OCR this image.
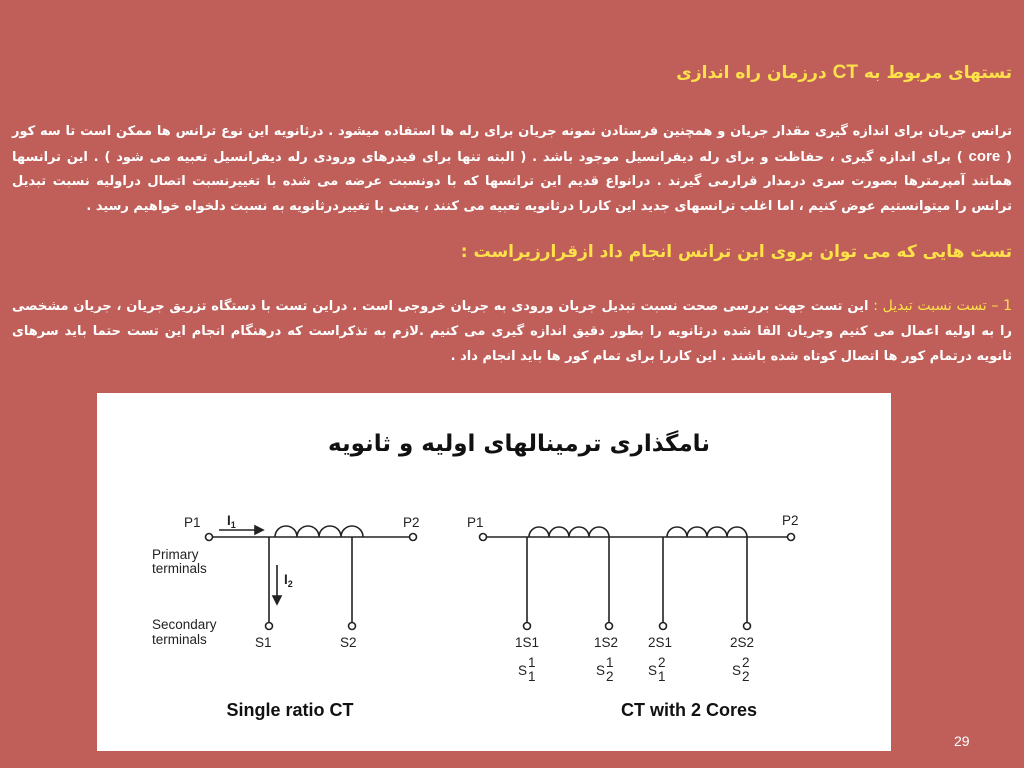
تستهای مربوط به CT درزمان راه اندازی
ترانس جریان برای اندازه گیری مقدار جریان و همچنین فرستادن نمونه جریان برای رله ها استفاده میشود . درثانویه این نوع ترانس ها ممکن است تا سه کور ( core ) برای اندازه گیری ، حفاظت و برای رله دیفرانسیل موجود باشد . ( البته تنها برای فیدرهای ورودی رله دیفرانسیل تعبیه می شود ) . این ترانسها همانند آمپرمترها بصورت سری درمدار قرارمی گیرند . درانواع قدیم این ترانسها که با دونسبت عرضه می شده با تغییرنسبت اتصال دراولیه نسبت تبدیل ترانس را میتوانستیم عوض کنیم ، اما اغلب ترانسهای جدید این کاررا درثانویه تعبیه می کنند ، یعنی با تغییردرثانویه به نسبت دلخواه خواهیم رسید .
تست هایی که می توان بروی این ترانس انجام داد ازقرارزیراست :
1 – تست نسبت تبدیل : این تست جهت بررسی صحت نسبت تبدیل جریان ورودی به جریان خروجی است . دراین تست با دستگاه تزریق جریان ، جریان مشخصی را به اولیه اعمال می کنیم وجریان القا شده درثانویه را بطور دقیق اندازه گیری می کنیم .لازم به تذکراست که درهنگام انجام این تست حتما باید سرهای ثانویه درتمام کور ها اتصال کوتاه شده باشند . این کاررا برای تمام کور ها باید انجام داد .
نامگذاری ترمینالهای اولیه و ثانویه
P1	P2
$I_1$
$I_2$
Primary terminals
Secondary terminals	S1	S2
Single ratio CT
P1	P2
1S1	1S2 2S1	2S2
S
1
1	S
1
2	S
2
1	S
2
2
CT with 2 Cores
29
